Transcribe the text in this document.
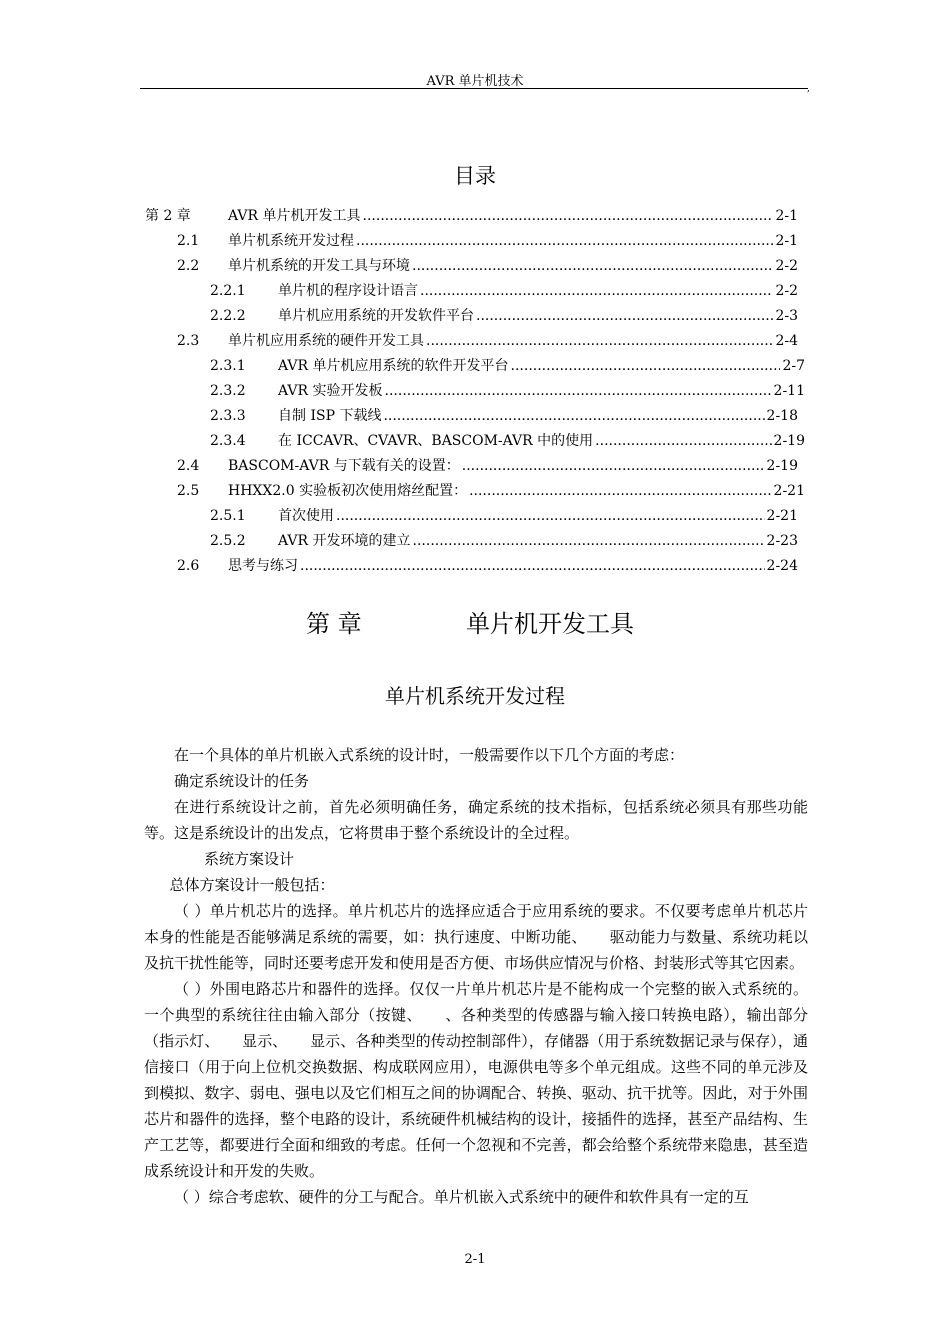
AVR 单片机技术	,
目录
第 2 章	AVR 单片机开发工具 .....	2-1
2.1	单片机系统开发过程 .....	2-1
2.2	单片机系统的开发工具与环境 .....	2-2
2.2.1	单片机的程序设计语言 .....	2-2
2.2.2	单片机应用系统的开发软件平台 .....	2-3
2.3	单片机应用系统的硬件开发工具 .....	2-4
2.3.1	AVR 单片机应用系统的软件开发平台 .....	2-7
2.3.2	AVR 实验开发板 .....	2-11
2.3.3	自制 ISP 下载线 .....	2-18
2.3.4	在 ICCAVR、CVAVR、BASCOM-AVR 中的使用 .....	2-19
2.4	BASCOM-AVR 与下载有关的设置： .....	2-19
2.5	HHXX2.0 实验板初次使用熔丝配置： .....	2-21
2.5.1	首次使用 .....	2-21
2.5.2	AVR 开发环境的建立 .....	2-23
2.6	思考与练习 .....	2-24
第 章	单片机开发工具
单片机系统开发过程

在一个具体的单片机嵌入式系统的设计时，一般需要作以下几个方面的考虑：

确定系统设计的任务

在进行系统设计之前，首先必须明确任务，确定系统的技术指标，包括系统必须具有那些功能等。这是系统设计的出发点，它将贯串于整个系统设计的全过程。

系统方案设计

总体方案设计一般包括：

（ ）单片机芯片的选择。单片机芯片的选择应适合于应用系统的要求。不仅要考虑单片机芯片本身的性能是否能够满足系统的需要，如：执行速度、中断功能、　　驱动能力与数量、系统功耗以及抗干扰性能等，同时还要考虑开发和使用是否方便、市场供应情况与价格、封装形式等其它因素。

（ ）外围电路芯片和器件的选择。仅仅一片单片机芯片是不能构成一个完整的嵌入式系统的。一个典型的系统往往由输入部分（按键、　　、各种类型的传感器与输入接口转换电路），输出部分（指示灯、　　显示、　　显示、各种类型的传动控制部件），存储器（用于系统数据记录与保存），通信接口（用于向上位机交换数据、构成联网应用），电源供电等多个单元组成。这些不同的单元涉及到模拟、数字、弱电、强电以及它们相互之间的协调配合、转换、驱动、抗干扰等。因此，对于外围芯片和器件的选择，整个电路的设计，系统硬件机械结构的设计，接插件的选择，甚至产品结构、生产工艺等，都要进行全面和细致的考虑。任何一个忽视和不完善，都会给整个系统带来隐患，甚至造成系统设计和开发的失败。

（ ）综合考虑软、硬件的分工与配合。单片机嵌入式系统中的硬件和软件具有一定的互

2-1
